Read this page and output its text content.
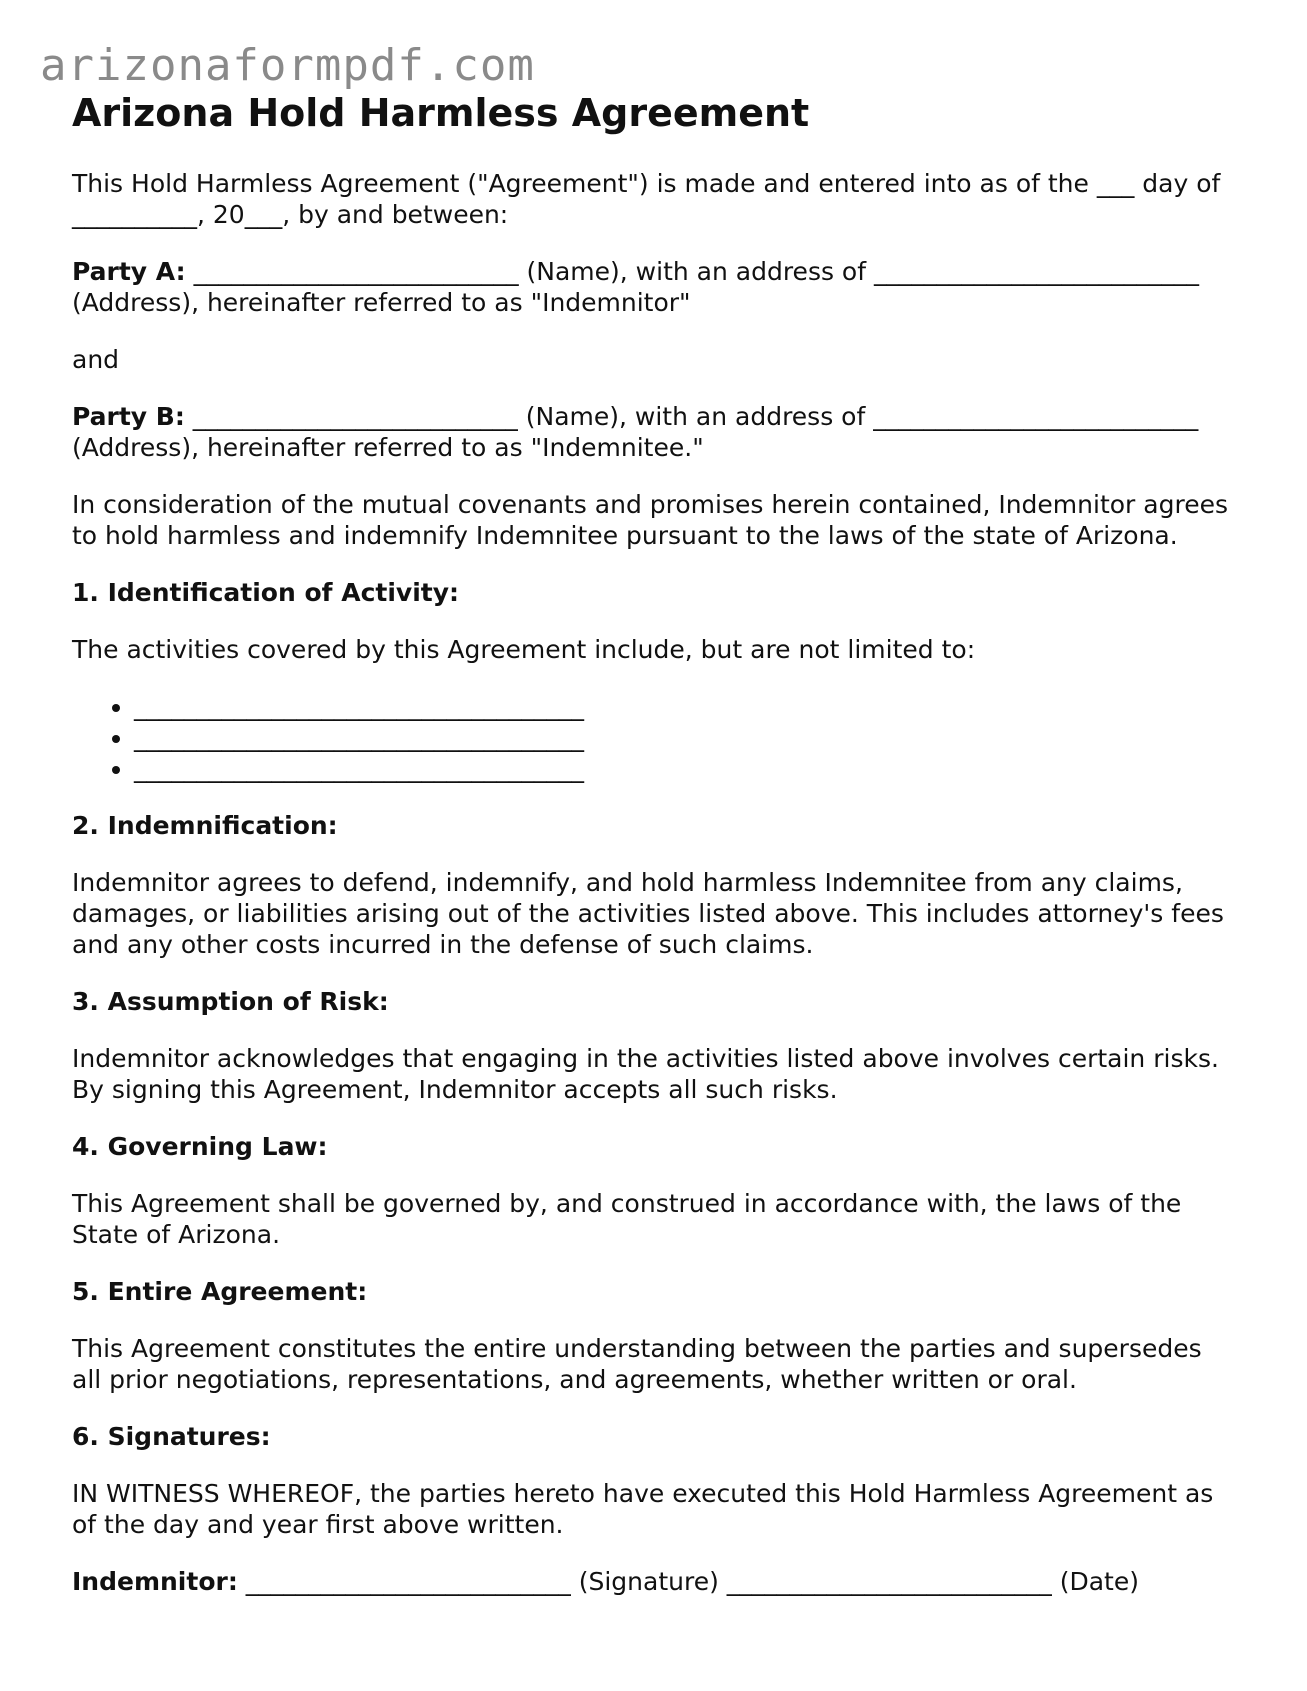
arizonaformpdf.com
Arizona Hold Harmless Agreement

This Hold Harmless Agreement ("Agreement") is made and entered into as of the ___ day of __________, 20___, by and between:

Party A: __________________________ (Name), with an address of __________________________ (Address), hereinafter referred to as "Indemnitor"

and

Party B: __________________________ (Name), with an address of __________________________ (Address), hereinafter referred to as "Indemnitee."

In consideration of the mutual covenants and promises herein contained, Indemnitor agrees to hold harmless and indemnify Indemnitee pursuant to the laws of the state of Arizona.

1. Identification of Activity:

The activities covered by this Agreement include, but are not limited to:

• ____________________________________
• ____________________________________
• ____________________________________
2. Indemnification:

Indemnitor agrees to defend, indemnify, and hold harmless Indemnitee from any claims, damages, or liabilities arising out of the activities listed above. This includes attorney's fees and any other costs incurred in the defense of such claims.

3. Assumption of Risk:

Indemnitor acknowledges that engaging in the activities listed above involves certain risks. By signing this Agreement, Indemnitor accepts all such risks.

4. Governing Law:

This Agreement shall be governed by, and construed in accordance with, the laws of the State of Arizona.

5. Entire Agreement:

This Agreement constitutes the entire understanding between the parties and supersedes all prior negotiations, representations, and agreements, whether written or oral.

6. Signatures:

IN WITNESS WHEREOF, the parties hereto have executed this Hold Harmless Agreement as of the day and year first above written.

Indemnitor: __________________________ (Signature) __________________________ (Date)
